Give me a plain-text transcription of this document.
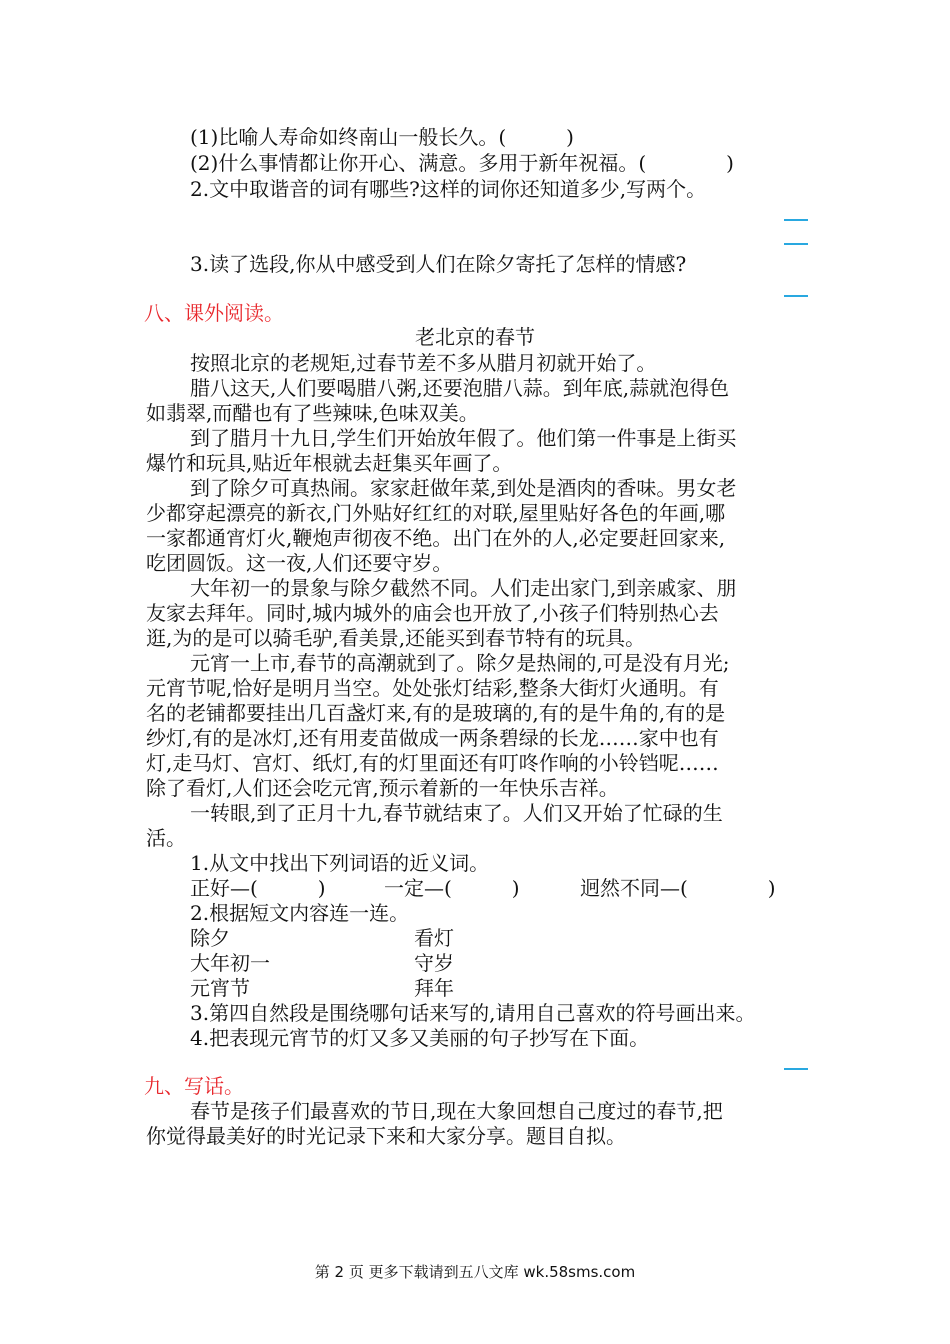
(1)比喻人寿命如终南山一般长久。(　　　)
(2)什么事情都让你开心、满意。多用于新年祝福。(　　　　)
2.文中取谐音的词有哪些?这样的词你还知道多少,写两个。
3.读了选段,你从中感受到人们在除夕寄托了怎样的情感?
八、课外阅读。
老北京的春节
按照北京的老规矩,过春节差不多从腊月初就开始了。
腊八这天,人们要喝腊八粥,还要泡腊八蒜。到年底,蒜就泡得色
如翡翠,而醋也有了些辣味,色味双美。
到了腊月十九日,学生们开始放年假了。他们第一件事是上街买
爆竹和玩具,贴近年根就去赶集买年画了。
到了除夕可真热闹。家家赶做年菜,到处是酒肉的香味。男女老
少都穿起漂亮的新衣,门外贴好红红的对联,屋里贴好各色的年画,哪
一家都通宵灯火,鞭炮声彻夜不绝。出门在外的人,必定要赶回家来,
吃团圆饭。这一夜,人们还要守岁。
大年初一的景象与除夕截然不同。人们走出家门,到亲戚家、朋
友家去拜年。同时,城内城外的庙会也开放了,小孩子们特别热心去
逛,为的是可以骑毛驴,看美景,还能买到春节特有的玩具。
元宵一上市,春节的高潮就到了。除夕是热闹的,可是没有月光;
元宵节呢,恰好是明月当空。处处张灯结彩,整条大街灯火通明。有
名的老铺都要挂出几百盏灯来,有的是玻璃的,有的是牛角的,有的是
纱灯,有的是冰灯,还有用麦苗做成一两条碧绿的长龙……家中也有
灯,走马灯、宫灯、纸灯,有的灯里面还有叮咚作响的小铃铛呢……
除了看灯,人们还会吃元宵,预示着新的一年快乐吉祥。
一转眼,到了正月十九,春节就结束了。人们又开始了忙碌的生
活。
1.从文中找出下列词语的近义词。
正好—(　　　)	一定—(　　　)	迥然不同—(　　　　)
2.根据短文内容连一连。
除夕	看灯
大年初一	守岁
元宵节	拜年
3.第四自然段是围绕哪句话来写的,请用自己喜欢的符号画出来。
4.把表现元宵节的灯又多又美丽的句子抄写在下面。
九、写话。
春节是孩子们最喜欢的节日,现在大象回想自己度过的春节,把
你觉得最美好的时光记录下来和大家分享。题目自拟。
第 2 页 更多下载请到五八文库 wk.58sms.com
